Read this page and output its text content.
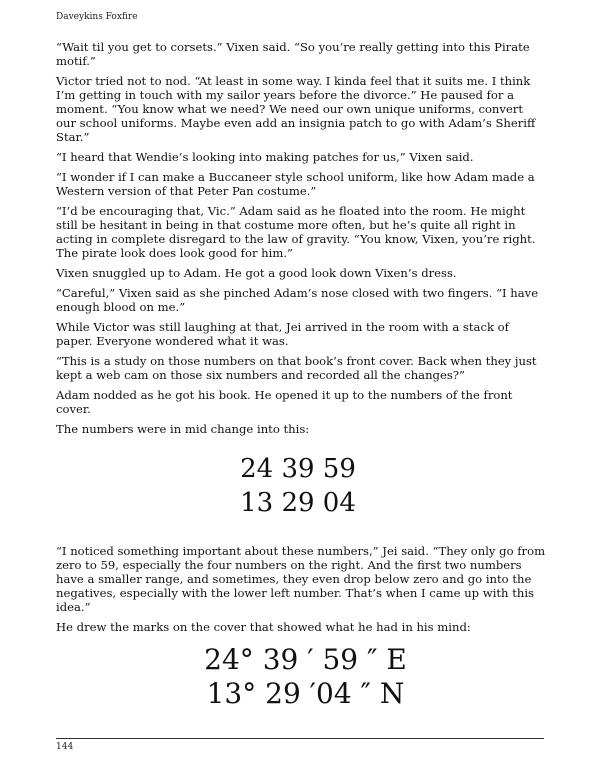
Daveykins Foxfire

“Wait til you get to corsets.” Vixen said. “So you’re really getting into this Pirate motif.”

Victor tried not to nod. “At least in some way. I kinda feel that it suits me. I think I’m getting in touch with my sailor years before the divorce.” He paused for a moment. “You know what we need? We need our own unique uniforms, convert our school uniforms. Maybe even add an insignia patch to go with Adam’s Sheriff Star.”

“I heard that Wendie’s looking into making patches for us,” Vixen said.

“I wonder if I can make a Buccaneer style school uniform, like how Adam made a Western version of that Peter Pan costume.”

“I’d be encouraging that, Vic.” Adam said as he floated into the room. He might still be hesitant in being in that costume more often, but he’s quite all right in acting in complete disregard to the law of gravity. “You know, Vixen, you’re right. The pirate look does look good for him.”

Vixen snuggled up to Adam. He got a good look down Vixen’s dress.

“Careful,” Vixen said as she pinched Adam’s nose closed with two fingers. “I have enough blood on me.”

While Victor was still laughing at that, Jei arrived in the room with a stack of paper. Everyone wondered what it was.

“This is a study on those numbers on that book’s front cover. Back when they just kept a web cam on those six numbers and recorded all the changes?”

Adam nodded as he got his book. He opened it up to the numbers of the front cover.

The numbers were in mid change into this:

24 39 59
13 29 04

“I noticed something important about these numbers,” Jei said. “They only go from zero to 59, especially the four numbers on the right. And the first two numbers have a smaller range, and sometimes, they even drop below zero and go into the negatives, especially with the lower left number. That’s when I came up with this idea.”

He drew the marks on the cover that showed what he had in his mind:

24° 39 ′ 59 ″ E
13° 29 ′04 ″ N
144
